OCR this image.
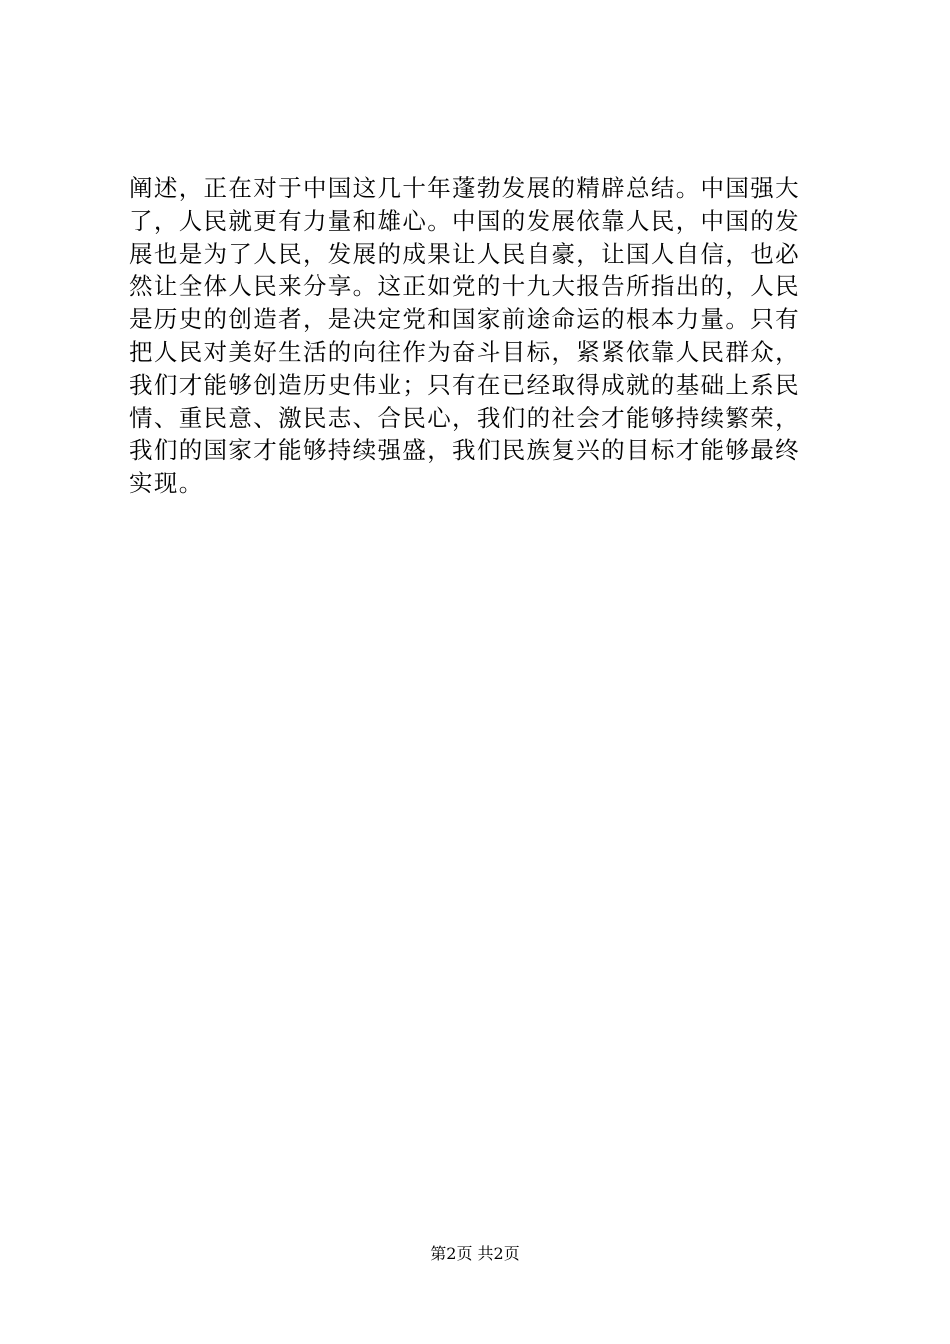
阐述，正在对于中国这几十年蓬勃发展的精辟总结。中国强大
了，人民就更有力量和雄心。中国的发展依靠人民，中国的发
展也是为了人民，发展的成果让人民自豪，让国人自信，也必
然让全体人民来分享。这正如党的十九大报告所指出的，人民
是历史的创造者，是决定党和国家前途命运的根本力量。只有
把人民对美好生活的向往作为奋斗目标，紧紧依靠人民群众，
我们才能够创造历史伟业；只有在已经取得成就的基础上系民
情、重民意、激民志、合民心，我们的社会才能够持续繁荣，
我们的国家才能够持续强盛，我们民族复兴的目标才能够最终
实现。
第2页 共2页
